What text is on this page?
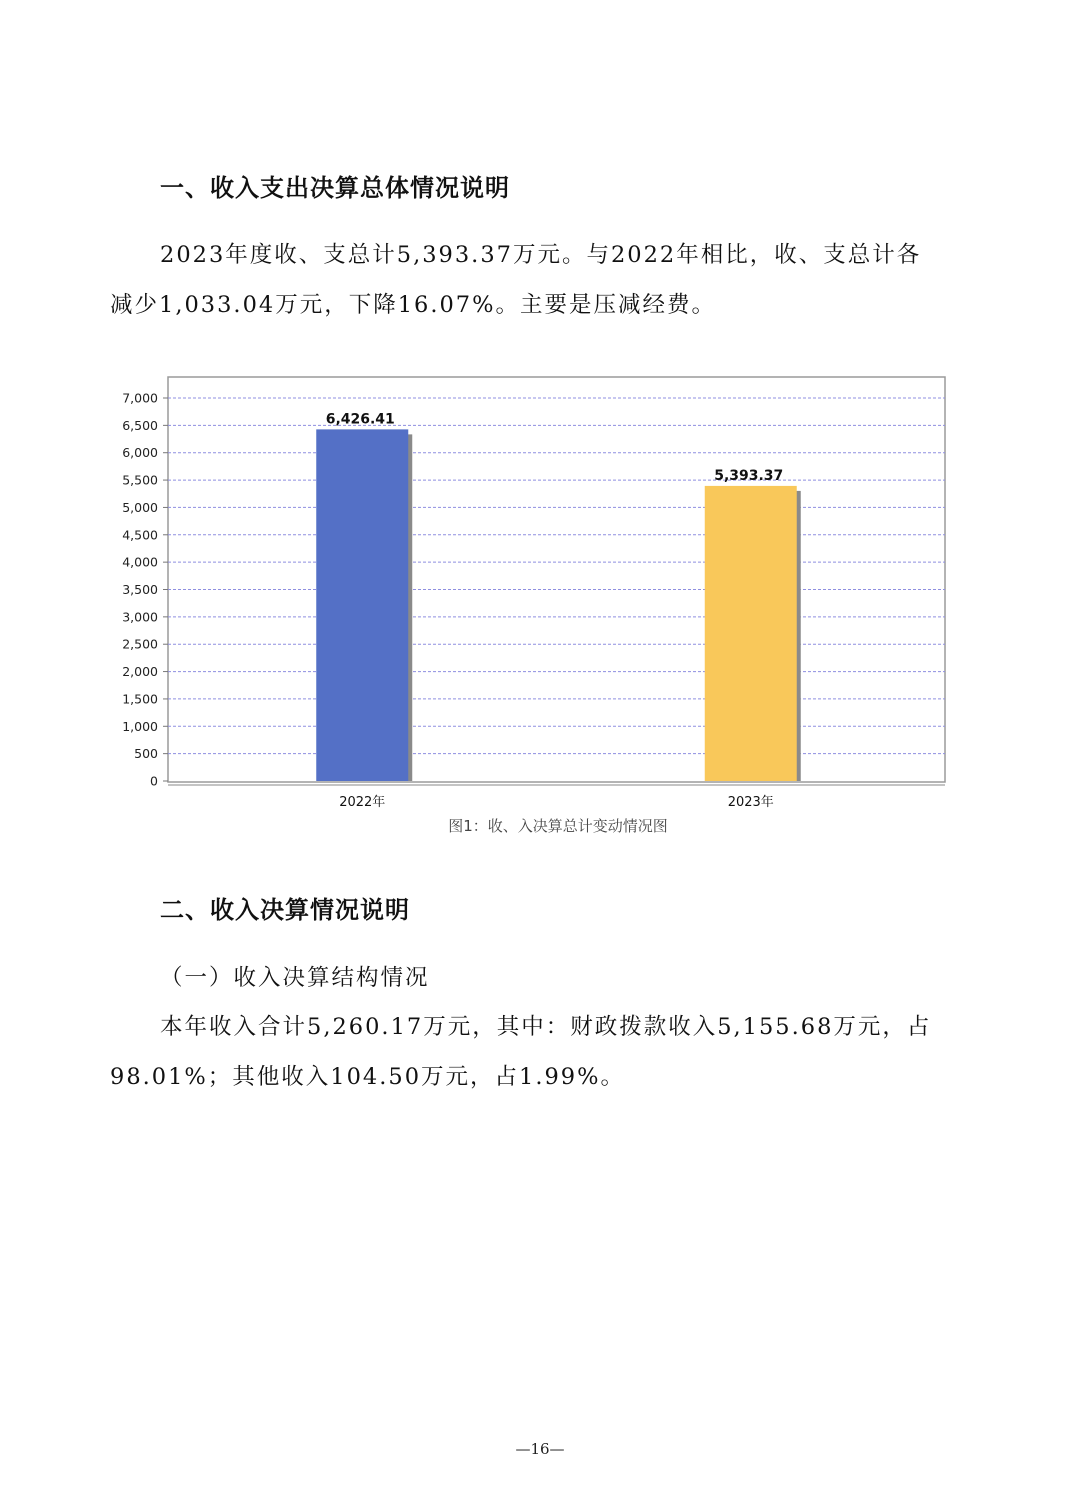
一、收入支出决算总体情况说明

2023年度收、支总计5,393.37万元。与2022年相比，收、支总计各减少1,033.04万元，下降16.07%。主要是压减经费。

0
500
1,000
1,500
2,000
2,500
3,000
3,500
4,000
4,500
5,000
5,500
6,000
6,500
7,000
6,426.41
5,393.37
2022年	2023年
图1：收、入决算总计变动情况图
二、收入决算情况说明
（一）收入决算结构情况

本年收入合计5,260.17万元，其中：财政拨款收入5,155.68万元，占98.01%；其他收入104.50万元，占1.99%。

—16—
